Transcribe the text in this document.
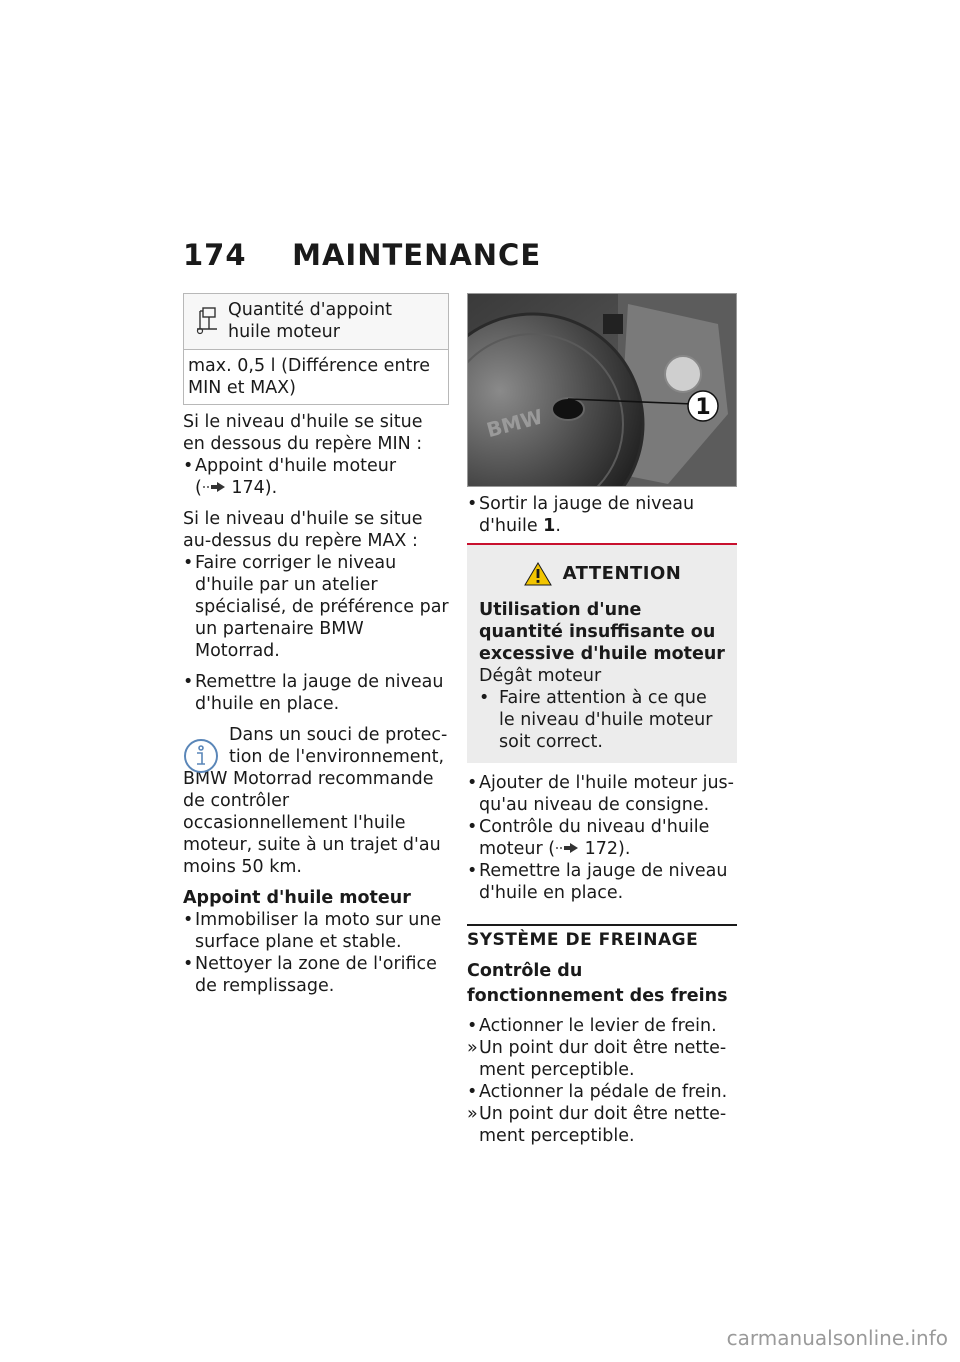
174 MAINTENANCE
Quantité d'appoint huile moteur
max. 0,5 l (Différence entre MIN et MAX)

Si le niveau d'huile se situe en dessous du repère MIN :

• Appoint d'huile moteur
( 174).

Si le niveau d'huile se situe au-dessus du repère MAX :

• Faire corriger le niveau d'huile par un atelier spécialisé, de préférence par un partenaire BMW Motorrad.
• Remettre la jauge de niveau d'huile en place.
Dans un souci de protec-
tion de l'environnement,
BMW Motorrad recommande de contrôler occasionnellement l'huile moteur, suite à un trajet d'au moins 50 km.

Appoint d'huile moteur

• Immobiliser la moto sur une surface plane et stable.
• Nettoyer la zone de l'orifice de remplissage.
BMW	1
• Sortir la jauge de niveau d'huile 1.
ATTENTION

Utilisation d'une quantité insuffisante ou excessive d'huile moteur

Dégât moteur

• Faire attention à ce que le niveau d'huile moteur soit correct.
• Ajouter de l'huile moteur jus-qu'au niveau de consigne.
• Contrôle du niveau d'huile moteur ( 172).
• Remettre la jauge de niveau d'huile en place.
SYSTÈME DE FREINAGE
Contrôle du fonctionnement des freins
• Actionner le levier de frein.
» Un point dur doit être nette-ment perceptible.
• Actionner la pédale de frein.
» Un point dur doit être nette-ment perceptible.
carmanualsonline.info
